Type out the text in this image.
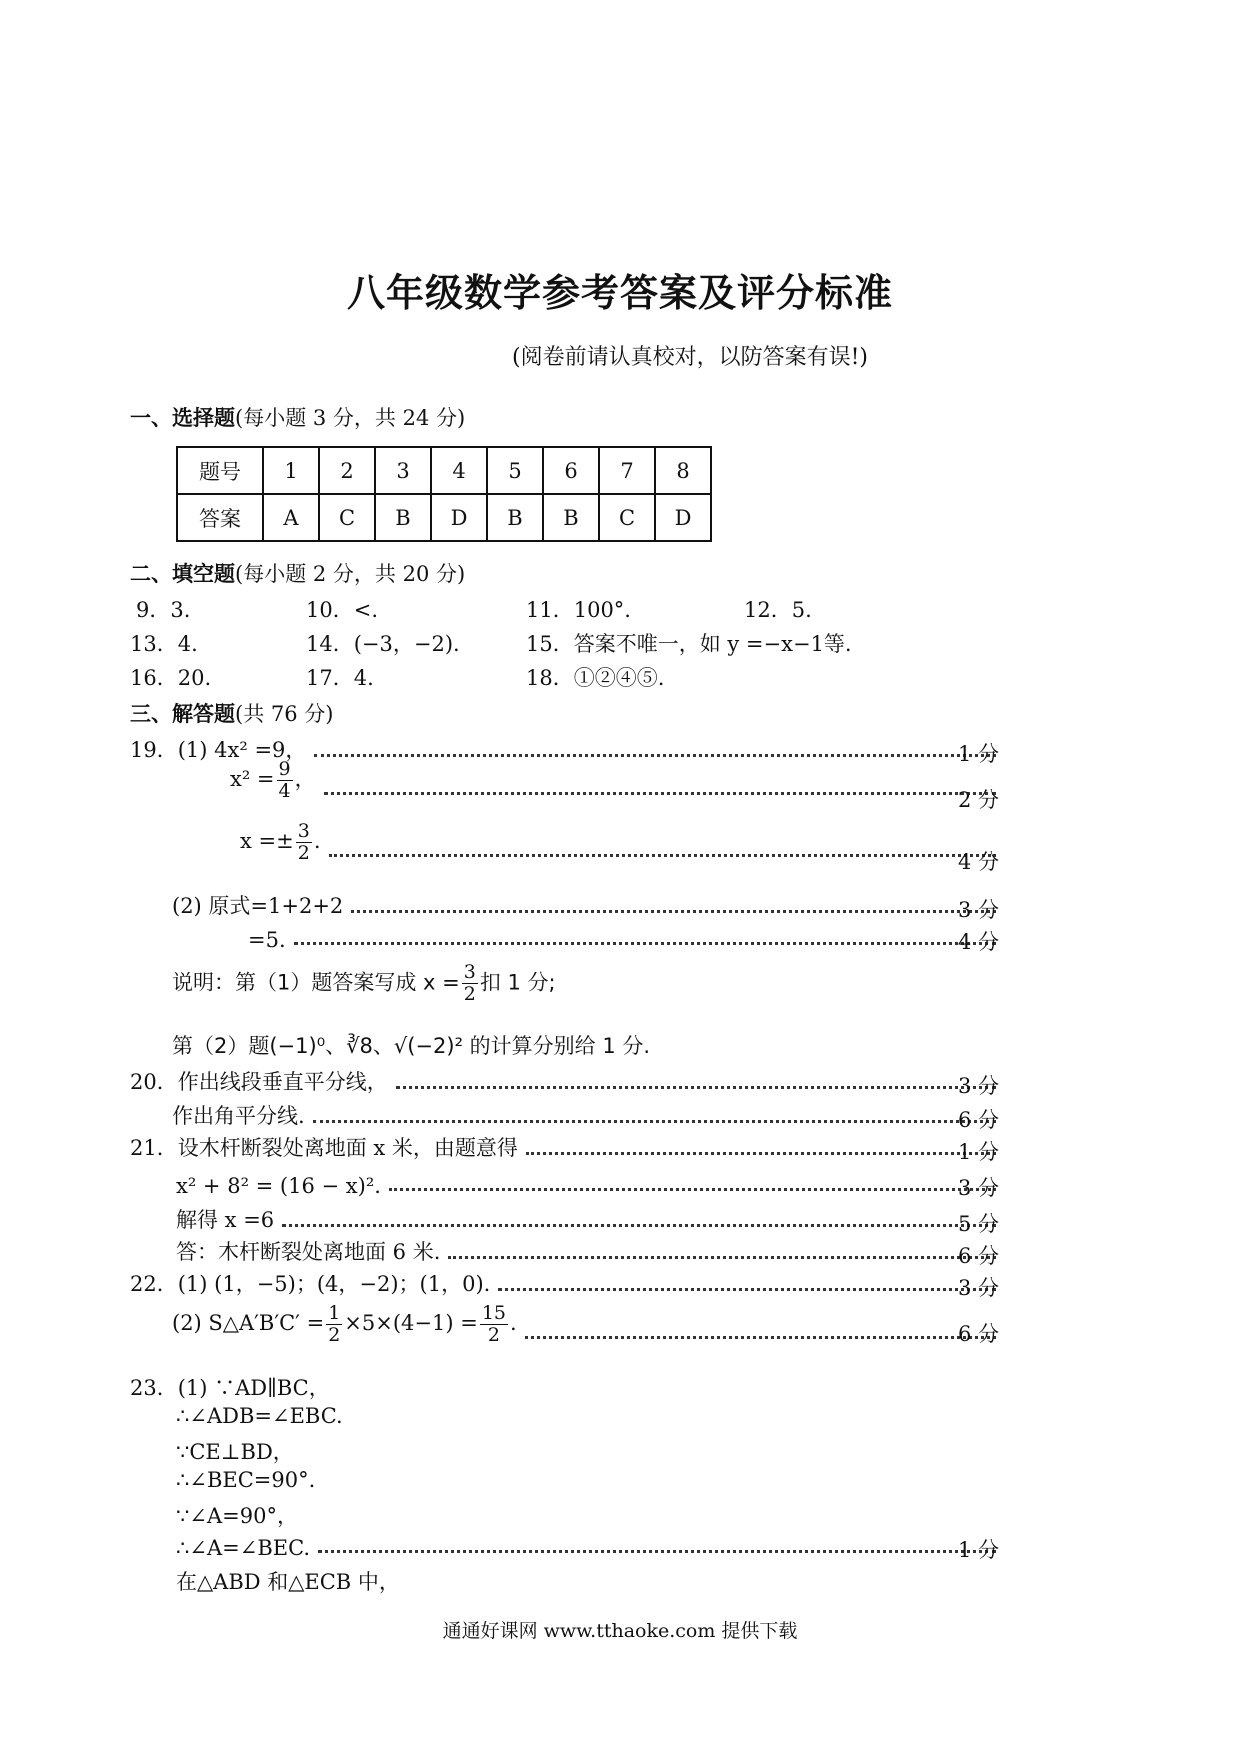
八年级数学参考答案及评分标准
(阅卷前请认真校对，以防答案有误!)
一、选择题(每小题 3 分，共 24 分)
题号	1	2	3	4	5	6	7	8
答案	A	C	B	D	B	B	C	D
二、填空题(每小题 2 分，共 20 分)
9．3.	10．<.	11．100°.	12．5.
13．4.	14．(−3，−2).	15．答案不唯一，如 y =−x−1等.
16．20.	17．4.	18．①②④⑤.
三、解答题(共 76 分)
19．(1) 4x² =9，	1 分
$x^2 = \frac{9}{4}$ ，
2 分
$x =\pm \frac{3}{2}$ .
4 分
(2) 原式=1+2+2	3 分
=5.	4 分
说明：第（1）题答案写成 $x = \frac{3}{2}$ 扣 1 分;
第（2）题(−1)⁰、∛8、√(−2)² 的计算分别给 1 分.
20．作出线段垂直平分线，	3 分
作出角平分线.	6 分
21．设木杆断裂处离地面 x 米，由题意得	1 分
x² + 8² = (16 − x)².	3 分
解得 x =6	5 分
答：木杆断裂处离地面 6 米.	6 分
22．(1) (1，−5)；(4，−2)；(1，0).	3 分
(2) S△A′B′C′ = $\frac{1}{2} \times 5\times(4-1) = \frac{15}{2}$ .	6 分
23．(1) ∵AD∥BC，
∴∠ADB=∠EBC.
∵CE⊥BD，
∴∠BEC=90°.
∵∠A=90°，
∴∠A=∠BEC.	1 分
在△ABD 和△ECB 中，
通通好课网 www.tthaoke.com 提供下载
